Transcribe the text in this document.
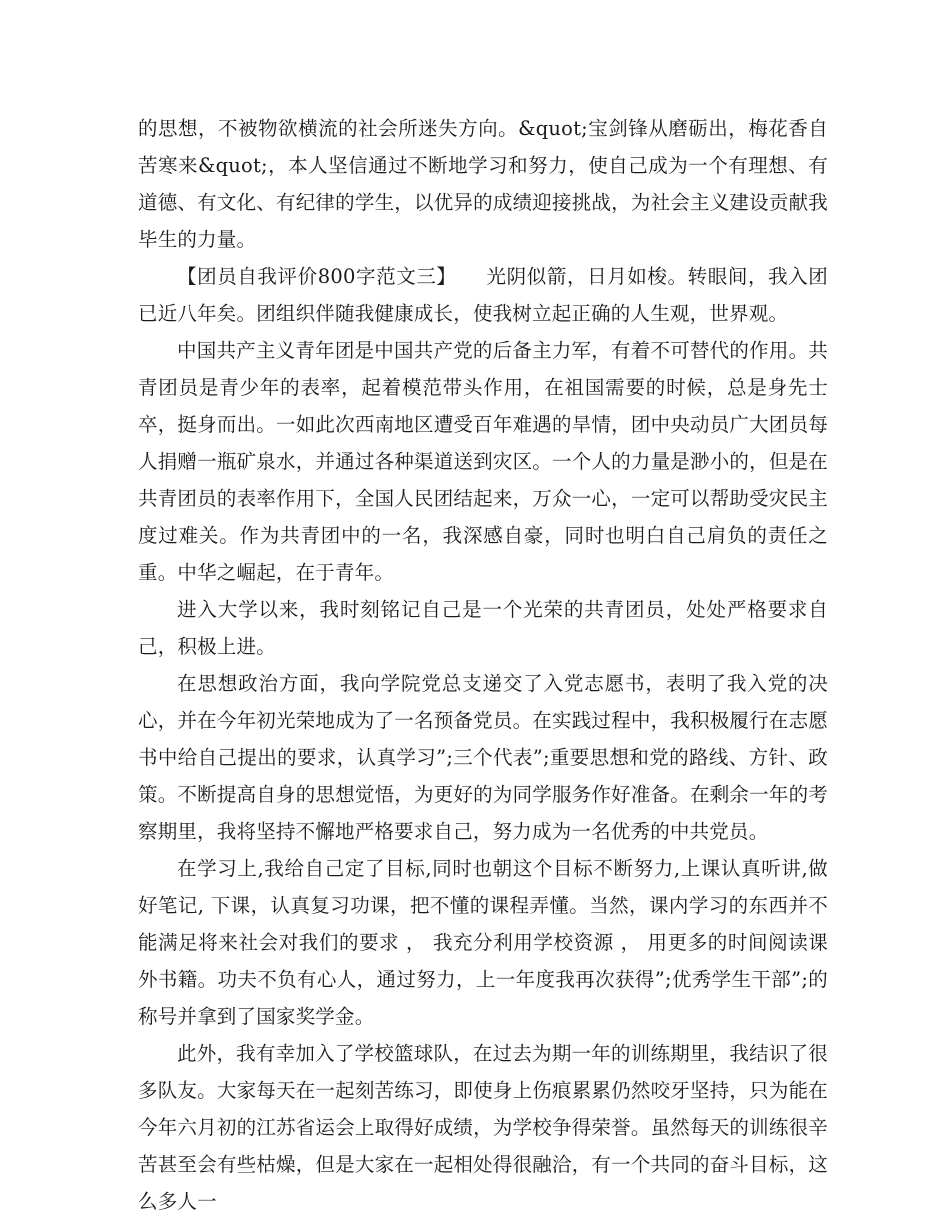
的思想，不被物欲横流的社会所迷失方向。&quot;宝剑锋从磨砺出，梅花香自苦寒来&quot;，本人坚信通过不断地学习和努力，使自己成为一个有理想、有道德、有文化、有纪律的学生，以优异的成绩迎接挑战，为社会主义建设贡献我毕生的力量。

【团员自我评价800字范文三】 光阴似箭，日月如梭。转眼间，我入团已近八年矣。团组织伴随我健康成长，使我树立起正确的人生观，世界观。

中国共产主义青年团是中国共产党的后备主力军，有着不可替代的作用。共青团员是青少年的表率，起着模范带头作用，在祖国需要的时候，总是身先士卒，挺身而出。一如此次西南地区遭受百年难遇的旱情，团中央动员广大团员每人捐赠一瓶矿泉水，并通过各种渠道送到灾区。一个人的力量是渺小的，但是在共青团员的表率作用下，全国人民团结起来，万众一心，一定可以帮助受灾民主度过难关。作为共青团中的一名，我深感自豪，同时也明白自己肩负的责任之重。中华之崛起，在于青年。

进入大学以来，我时刻铭记自己是一个光荣的共青团员，处处严格要求自己，积极上进。

在思想政治方面，我向学院党总支递交了入党志愿书，表明了我入党的决心，并在今年初光荣地成为了一名预备党员。在实践过程中，我积极履行在志愿书中给自己提出的要求，认真学习”;三个代表”;重要思想和党的路线、方针、政策。不断提高自身的思想觉悟，为更好的为同学服务作好准备。在剩余一年的考察期里，我将坚持不懈地严格要求自己，努力成为一名优秀的中共党员。

在学习上,我给自己定了目标,同时也朝这个目标不断努力,上课认真听讲,做好笔记, 下课，认真复习功课，把不懂的课程弄懂。当然，课内学习的东西并不能满足将来社会对我们的要求 ， 我充分利用学校资源 ， 用更多的时间阅读课外书籍。功夫不负有心人，通过努力，上一年度我再次获得”;优秀学生干部”;的称号并拿到了国家奖学金。

此外，我有幸加入了学校篮球队，在过去为期一年的训练期里，我结识了很多队友。大家每天在一起刻苦练习，即使身上伤痕累累仍然咬牙坚持，只为能在今年六月初的江苏省运会上取得好成绩，为学校争得荣誉。虽然每天的训练很辛苦甚至会有些枯燥，但是大家在一起相处得很融洽，有一个共同的奋斗目标，这么多人一
